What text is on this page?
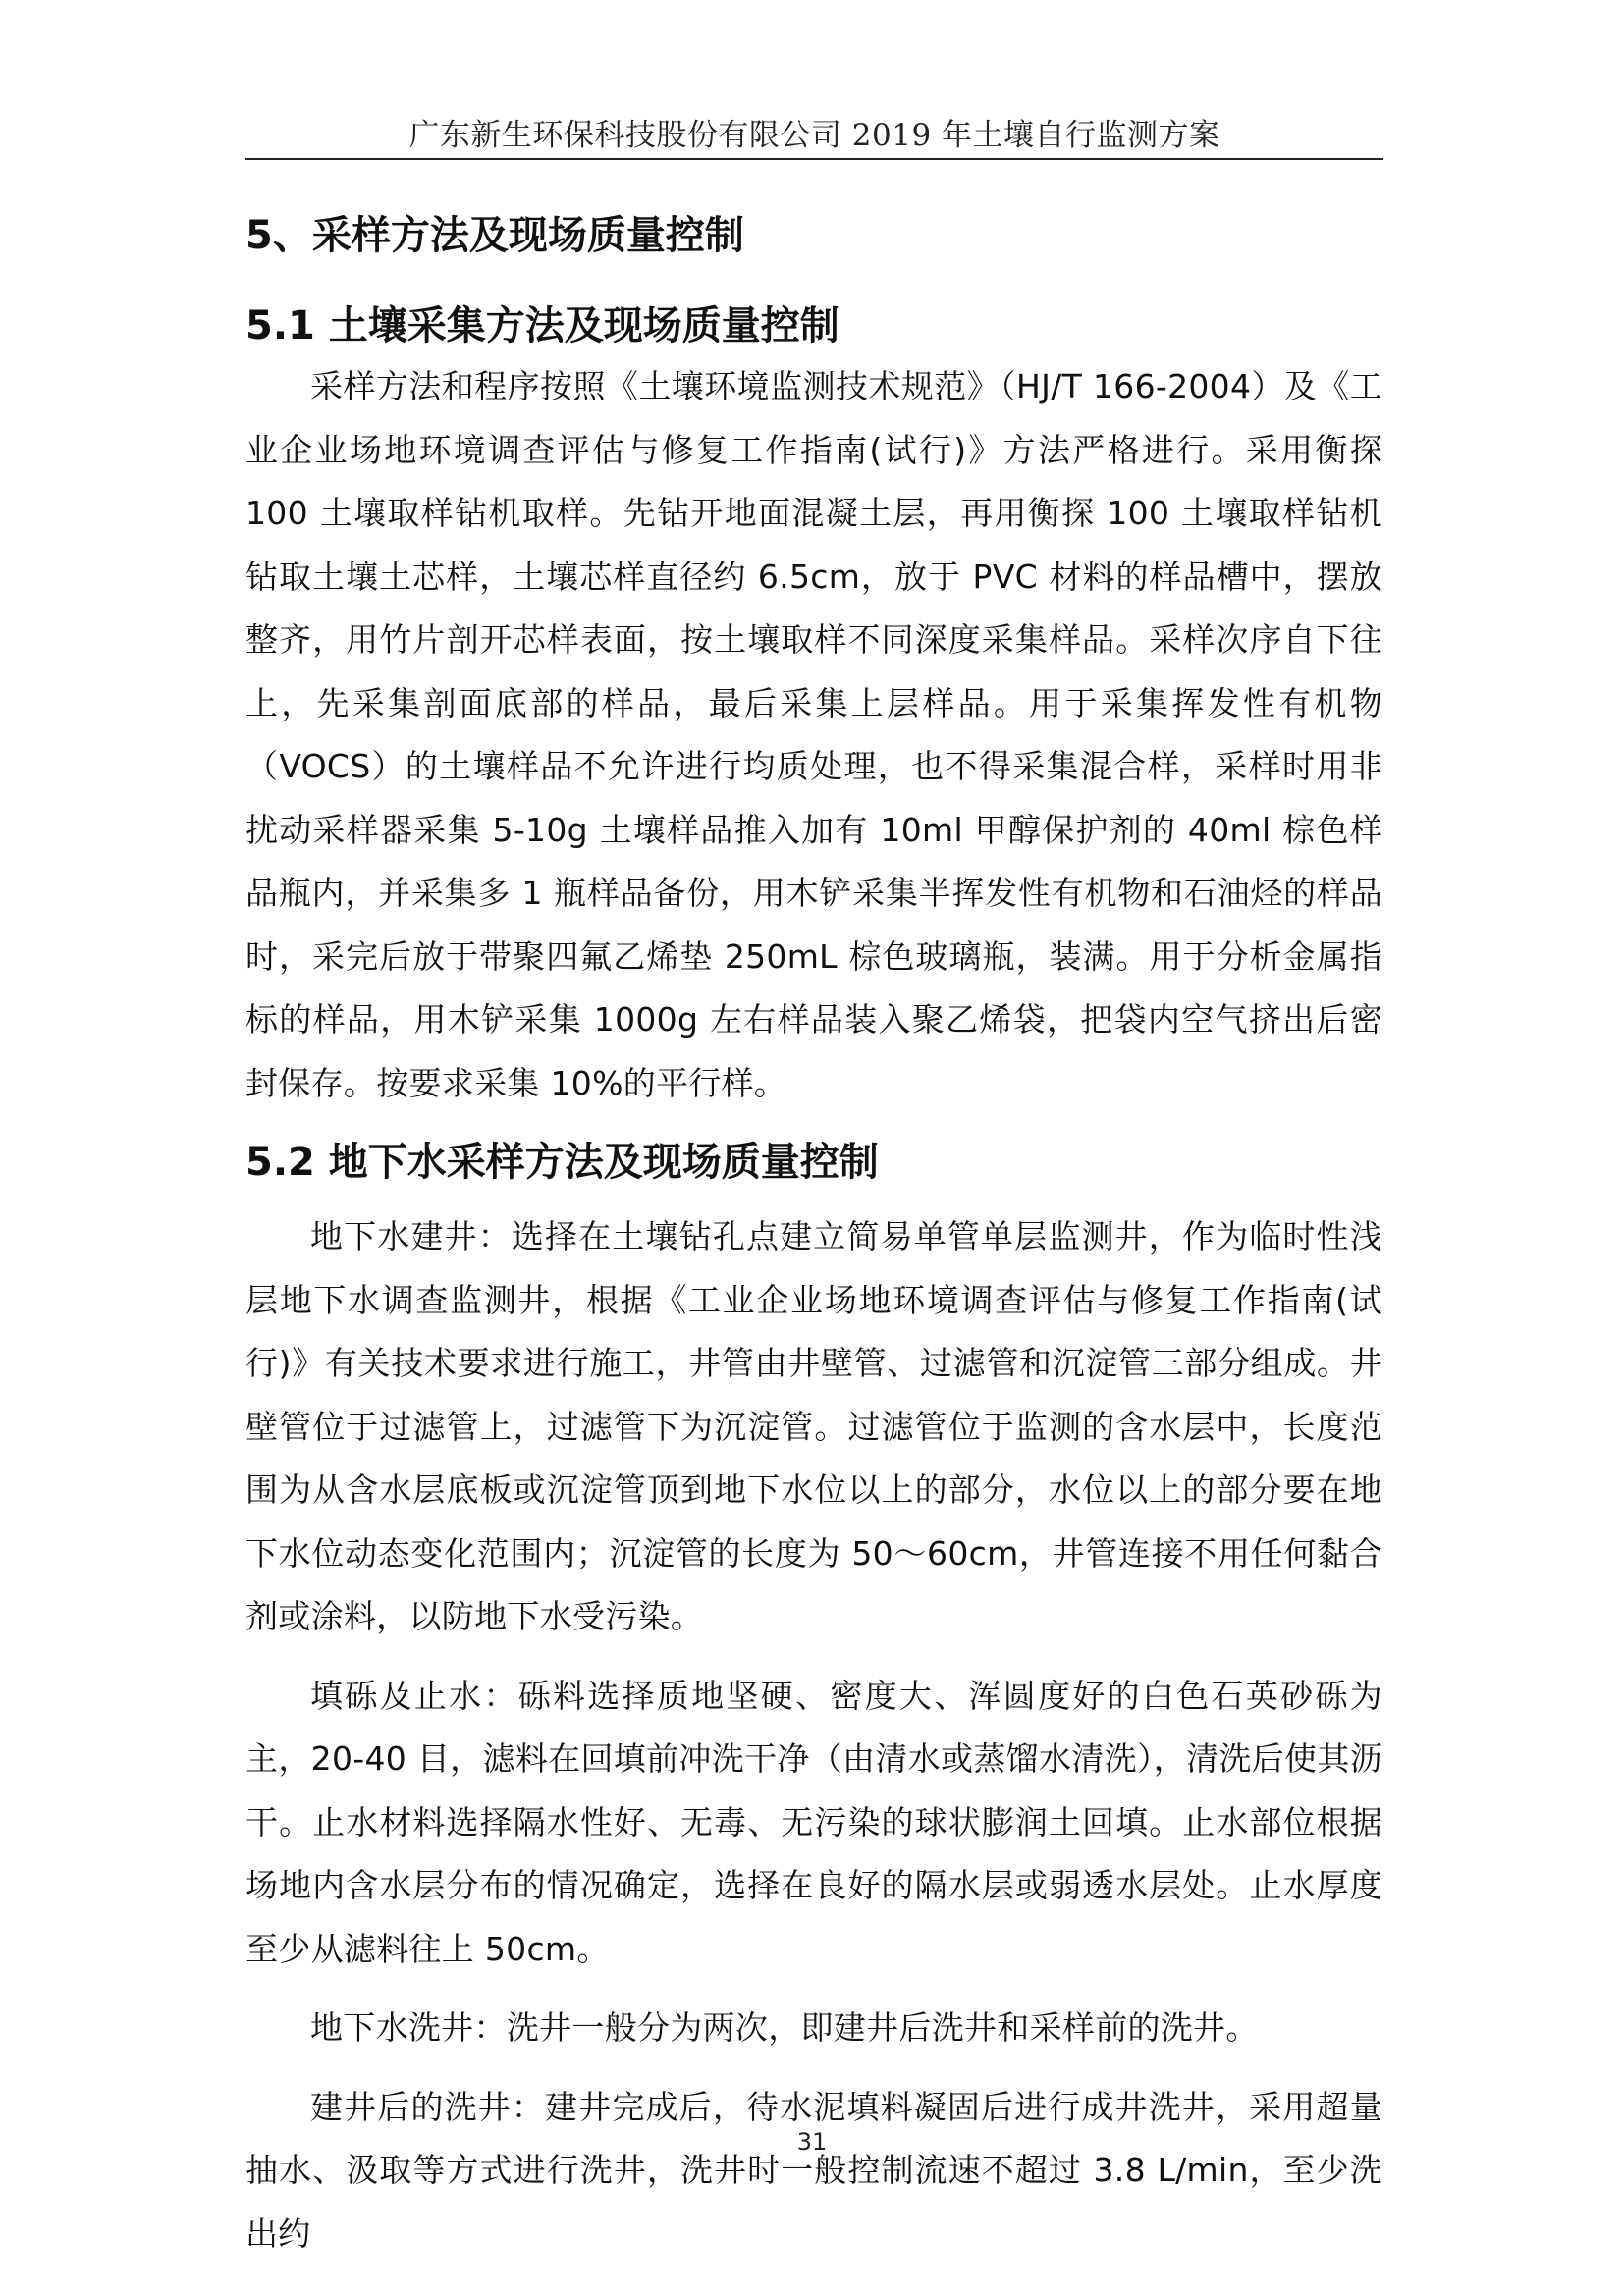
广东新生环保科技股份有限公司 2019 年土壤自行监测方案
5、采样方法及现场质量控制
5.1 土壤采集方法及现场质量控制

采样方法和程序按照《土壤环境监测技术规范》（HJ/T 166-2004）及《工业企业场地环境调查评估与修复工作指南(试行)》方法严格进行。采用衡探 100 土壤取样钻机取样。先钻开地面混凝土层，再用衡探 100 土壤取样钻机钻取土壤土芯样，土壤芯样直径约 6.5cm，放于 PVC 材料的样品槽中，摆放整齐，用竹片剖开芯样表面，按土壤取样不同深度采集样品。采样次序自下往上，先采集剖面底部的样品，最后采集上层样品。用于采集挥发性有机物（VOCS）的土壤样品不允许进行均质处理，也不得采集混合样，采样时用非扰动采样器采集 5-10g 土壤样品推入加有 10ml 甲醇保护剂的 40ml 棕色样品瓶内，并采集多 1 瓶样品备份，用木铲采集半挥发性有机物和石油烃的样品时，采完后放于带聚四氟乙烯垫 250mL 棕色玻璃瓶，装满。用于分析金属指标的样品，用木铲采集 1000g 左右样品装入聚乙烯袋，把袋内空气挤出后密封保存。按要求采集 10%的平行样。

5.2 地下水采样方法及现场质量控制

地下水建井：选择在土壤钻孔点建立简易单管单层监测井，作为临时性浅层地下水调查监测井，根据《工业企业场地环境调查评估与修复工作指南(试行)》有关技术要求进行施工，井管由井壁管、过滤管和沉淀管三部分组成。井壁管位于过滤管上，过滤管下为沉淀管。过滤管位于监测的含水层中，长度范围为从含水层底板或沉淀管顶到地下水位以上的部分，水位以上的部分要在地下水位动态变化范围内；沉淀管的长度为 50～60cm，井管连接不用任何黏合剂或涂料，以防地下水受污染。

填砾及止水：砾料选择质地坚硬、密度大、浑圆度好的白色石英砂砾为主，20-40 目，滤料在回填前冲洗干净（由清水或蒸馏水清洗），清洗后使其沥干。止水材料选择隔水性好、无毒、无污染的球状膨润土回填。止水部位根据场地内含水层分布的情况确定，选择在良好的隔水层或弱透水层处。止水厚度至少从滤料往上 50cm。

地下水洗井：洗井一般分为两次，即建井后洗井和采样前的洗井。

建井后的洗井：建井完成后，待水泥填料凝固后进行成井洗井，采用超量抽水、汲取等方式进行洗井，洗井时一般控制流速不超过 3.8 L/min，至少洗出约

31
